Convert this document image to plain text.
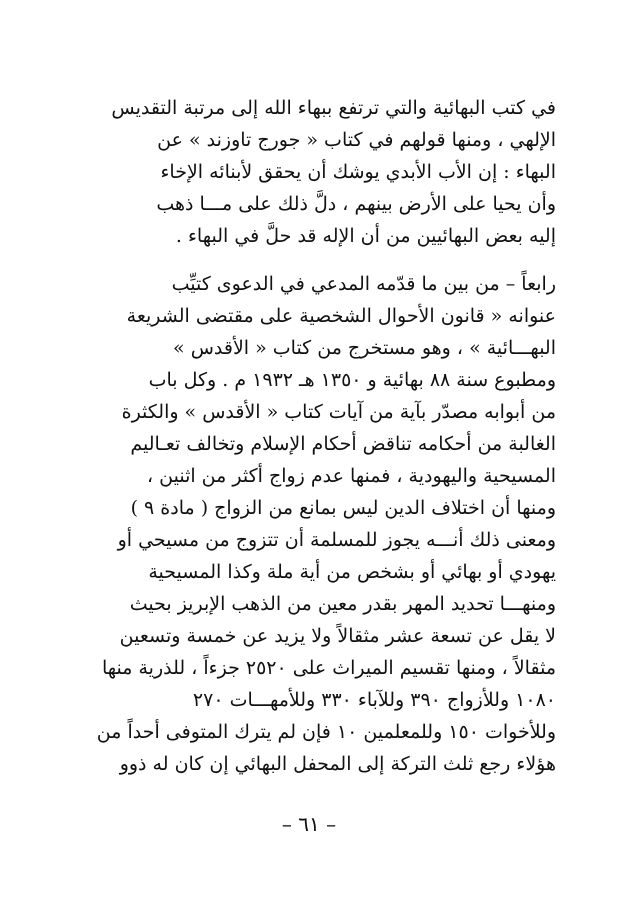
في كتب البهائية والتي ترتفع ببهاء الله إلى مرتبة التقديس
الإلهي ، ومنها قولهم في كتاب « جورج تاوزند » عن
البهاء : إن الأب الأبدي يوشك أن يحقق لأبنائه الإخاء
وأن يحيا على الأرض بينهم ، دلَّ ذلك على مـــا ذهب
إليه بعض البهائيين من أن الإله قد حلَّ في البهاء .
رابعاً – من بين ما قدّمه المدعي في الدعوى كتيِّب
عنوانه « قانون الأحوال الشخصية على مقتضى الشريعة
البهـــائية » ، وهو مستخرج من كتاب « الأقدس »
ومطبوع سنة ٨٨ بهائية و ١٣٥٠ هـ ١٩٣٢ م . وكل باب
من أبوابه مصدّر بآية من آيات كتاب « الأقدس » والكثرة
الغالبة من أحكامه تناقض أحكام الإسلام وتخالف تعـاليم
المسيحية واليهودية ، فمنها عدم زواج أكثر من اثنين ،
ومنها أن اختلاف الدين ليس بمانع من الزواج ( مادة ٩ )
ومعنى ذلك أنـــه يجوز للمسلمة أن تتزوج من مسيحي أو
يهودي أو بهائي أو بشخص من أية ملة وكذا المسيحية
ومنهـــا تحديد المهر بقدر معين من الذهب الإبريز بحيث
لا يقل عن تسعة عشر مثقالاً ولا يزيد عن خمسة وتسعين
مثقالاً ، ومنها تقسيم الميراث على ٢٥٢٠ جزءاً ، للذرية منها
١٠٨٠ وللأزواج ٣٩٠ وللآباء ٣٣٠ وللأمهـــات ٢٧٠
وللأخوات ١٥٠ وللمعلمين ١٠ فإن لم يترك المتوفى أحداً من
هؤلاء رجع ثلث التركة إلى المحفل البهائي إن كان له ذوو
– ٦١ –
